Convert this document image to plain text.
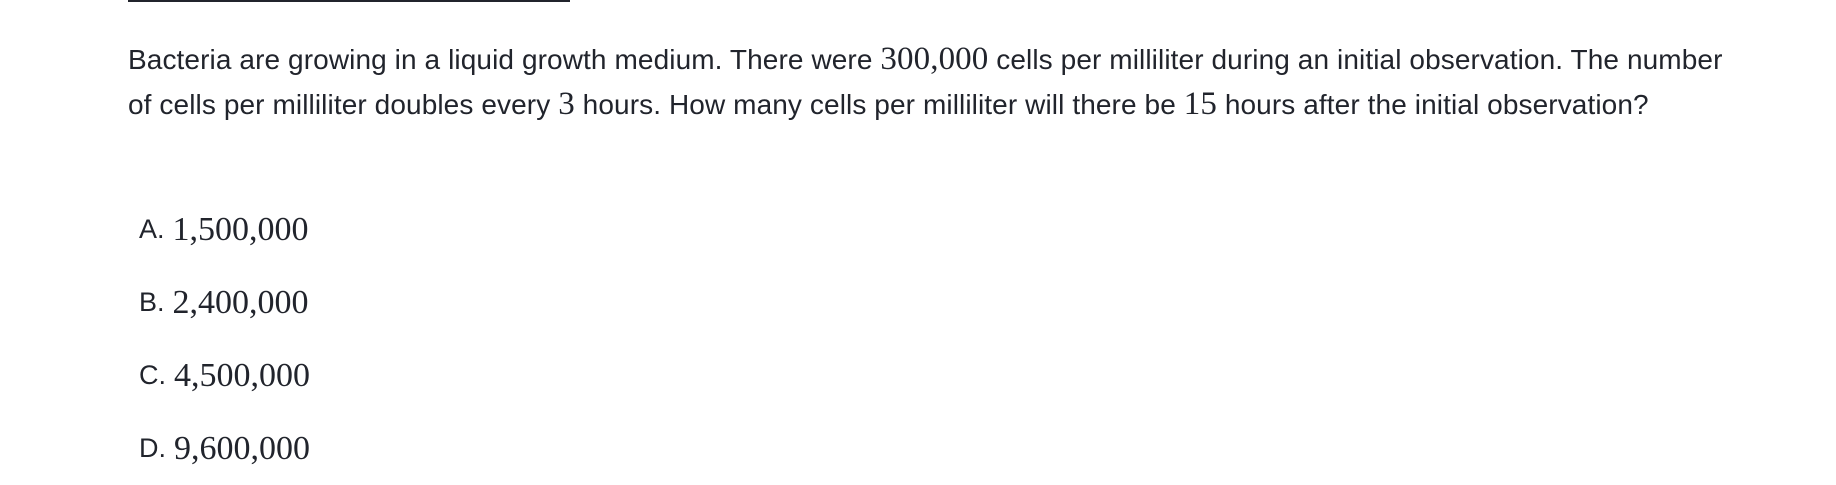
Bacteria are growing in a liquid growth medium. There were 300,000 cells per milliliter during an initial observation. The number of cells per milliliter doubles every 3 hours. How many cells per milliliter will there be 15 hours after the initial observation?
A. 1,500,000
B. 2,400,000
C. 4,500,000
D. 9,600,000
